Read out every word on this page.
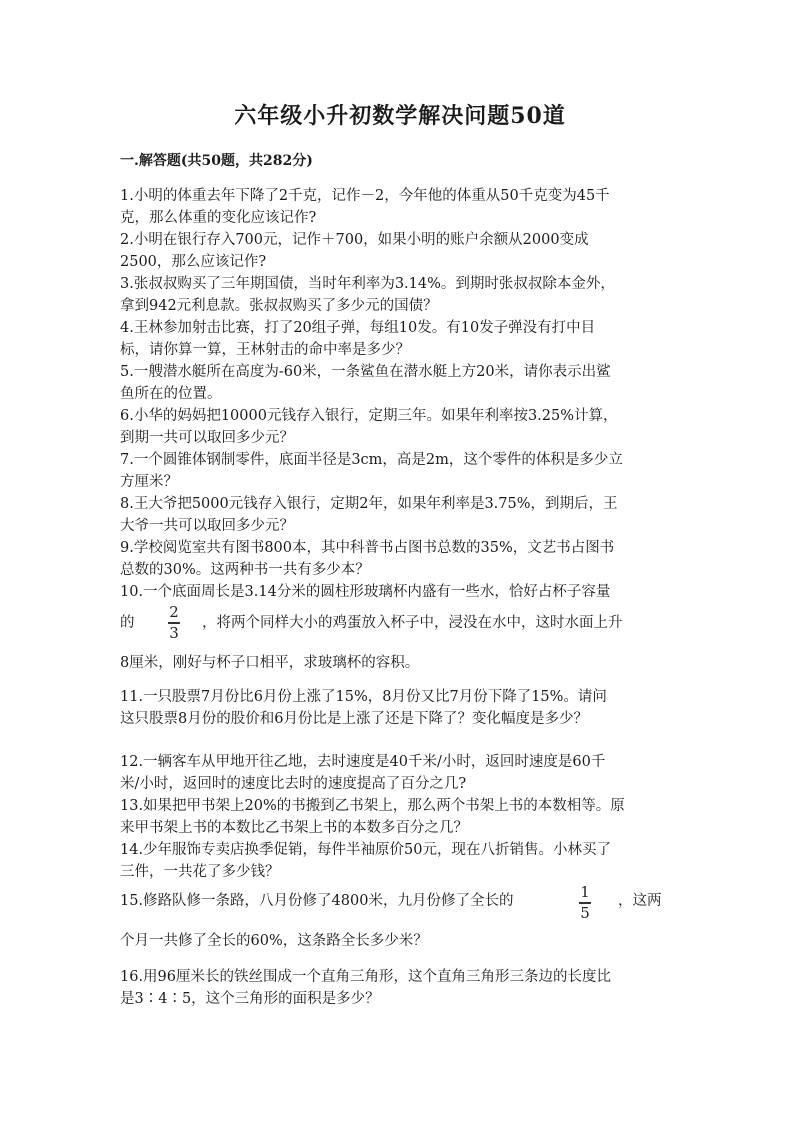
六年级小升初数学解决问题50道
一.解答题(共50题，共282分)

1.小明的体重去年下降了2千克，记作－2，今年他的体重从50千克变为45千

克，那么体重的变化应该记作?

2.小明在银行存入700元，记作＋700，如果小明的账户余额从2000变成

2500，那么应该记作?

3.张叔叔购买了三年期国债，当时年利率为3.14%。到期时张叔叔除本金外，

拿到942元利息款。张叔叔购买了多少元的国债？

4.王林参加射击比赛，打了20组子弹，每组10发。有10发子弹没有打中目

标，请你算一算，王林射击的命中率是多少？

5.一艘潜水艇所在高度为-60米，一条鲨鱼在潜水艇上方20米，请你表示出鲨

鱼所在的位置。

6.小华的妈妈把10000元钱存入银行，定期三年。如果年利率按3.25%计算，

到期一共可以取回多少元？

7.一个圆锥体钢制零件，底面半径是3cm，高是2m，这个零件的体积是多少立

方厘米？

8.王大爷把5000元钱存入银行，定期2年，如果年利率是3.75%，到期后，王

大爷一共可以取回多少元？

9.学校阅览室共有图书800本，其中科普书占图书总数的35%，文艺书占图书

总数的30%。这两种书一共有多少本？

10.一个底面周长是3.14分米的圆柱形玻璃杯内盛有一些水，恰好占杯子容量

的

2
3

，将两个同样大小的鸡蛋放入杯子中，浸没在水中，这时水面上升

8厘米，刚好与杯子口相平，求玻璃杯的容积。

11.一只股票7月份比6月份上涨了15%，8月份又比7月份下降了15%。请问

这只股票8月份的股价和6月份比是上涨了还是下降了？变化幅度是多少？

12.一辆客车从甲地开往乙地，去时速度是40千米/小时，返回时速度是60千

米/小时，返回时的速度比去时的速度提高了百分之几?

13.如果把甲书架上20%的书搬到乙书架上，那么两个书架上书的本数相等。原

来甲书架上书的本数比乙书架上书的本数多百分之几？

14.少年服饰专卖店换季促销，每件半袖原价50元，现在八折销售。小林买了

三件，一共花了多少钱？

15.修路队修一条路，八月份修了4800米，九月份修了全长的	1
5

，这两

个月一共修了全长的60%，这条路全长多少米？

16.用96厘米长的铁丝围成一个直角三角形，这个直角三角形三条边的长度比

是3∶4∶5，这个三角形的面积是多少？
